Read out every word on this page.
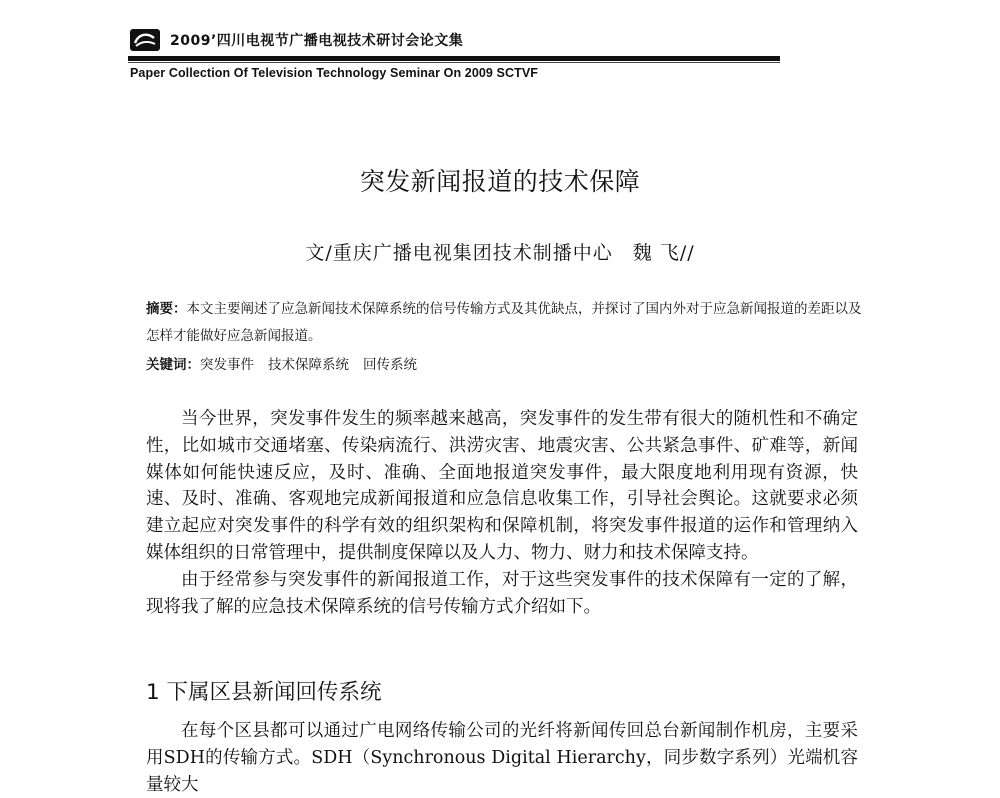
2009’四川电视节广播电视技术研讨会论文集
Paper Collection Of Television Technology Seminar On 2009 SCTVF
突发新闻报道的技术保障
文/重庆广播电视集团技术制播中心 魏 飞//
摘要：本文主要阐述了应急新闻技术保障系统的信号传输方式及其优缺点，并探讨了国内外对于应急新闻报道的差距以及怎样才能做好应急新闻报道。
关键词：突发事件 技术保障系统 回传系统

当今世界，突发事件发生的频率越来越高，突发事件的发生带有很大的随机性和不确定性，比如城市交通堵塞、传染病流行、洪涝灾害、地震灾害、公共紧急事件、矿难等，新闻媒体如何能快速反应，及时、准确、全面地报道突发事件，最大限度地利用现有资源，快速、及时、准确、客观地完成新闻报道和应急信息收集工作，引导社会舆论。这就要求必须建立起应对突发事件的科学有效的组织架构和保障机制，将突发事件报道的运作和管理纳入媒体组织的日常管理中，提供制度保障以及人力、物力、财力和技术保障支持。

由于经常参与突发事件的新闻报道工作，对于这些突发事件的技术保障有一定的了解，现将我了解的应急技术保障系统的信号传输方式介绍如下。

1 下属区县新闻回传系统

在每个区县都可以通过广电网络传输公司的光纤将新闻传回总台新闻制作机房，主要采用SDH的传输方式。SDH（Synchronous Digital Hierarchy，同步数字系列）光端机容量较大
